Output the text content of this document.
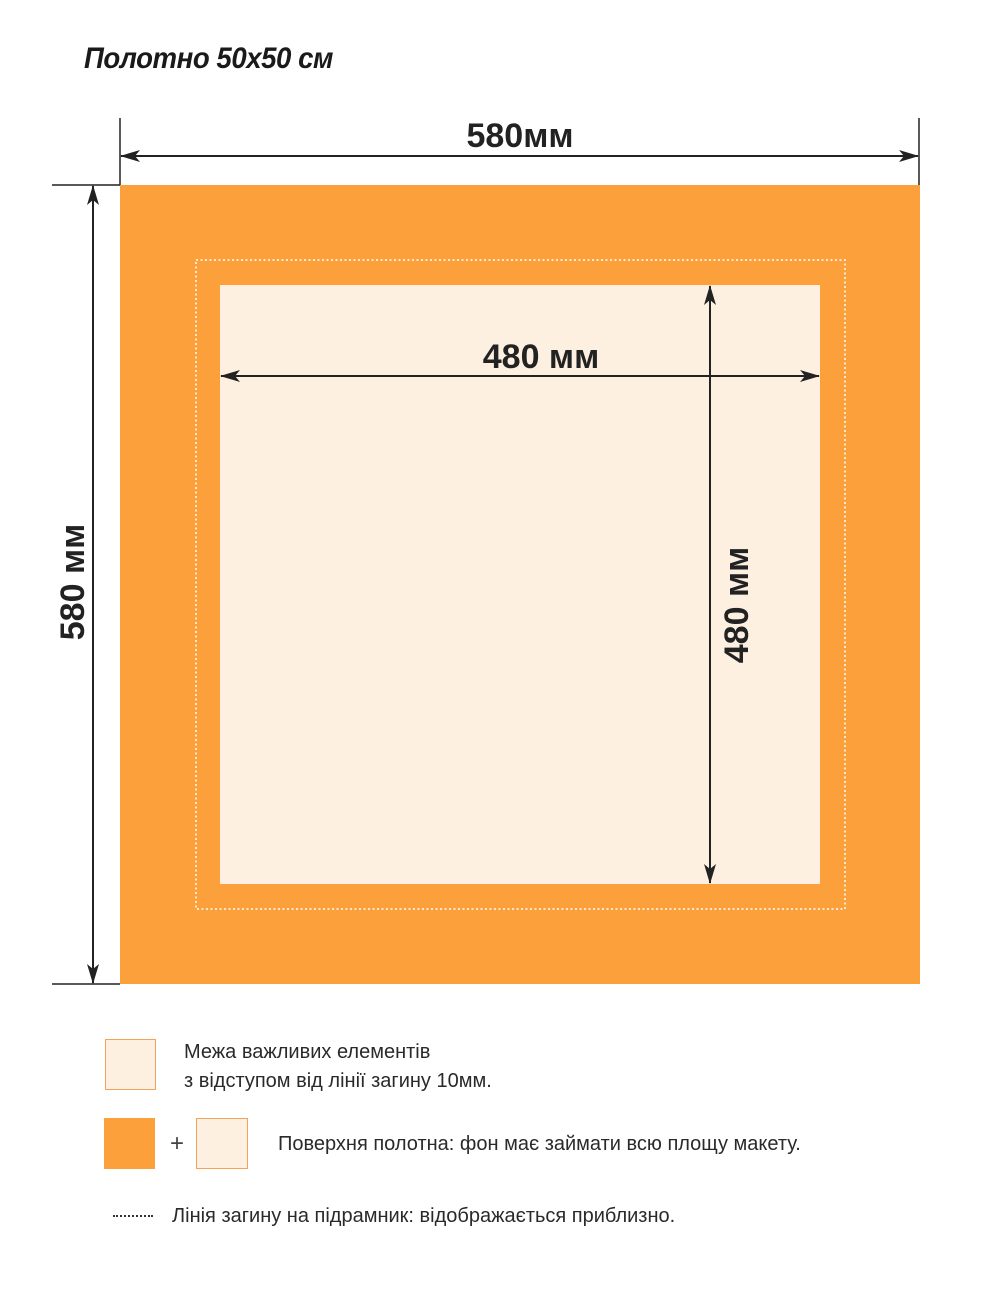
Полотно 50х50 см
580мм
580 мм
480 мм
480 мм
Межа важливих елементів
з відступом від лінії загину 10мм.
+	Поверхня полотна: фон має займати всю площу макету.
Лінія загину на підрамник: відображається приблизно.
